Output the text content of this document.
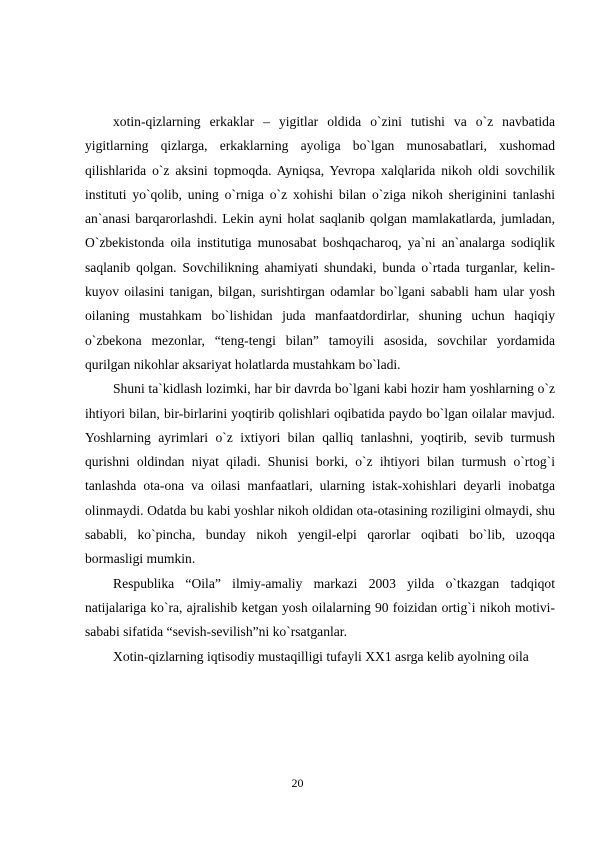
xotin-qizlarning erkaklar – yigitlar oldida o`zini tutishi va o`z navbatida yigitlarning qizlarga, erkaklarning ayoliga bo`lgan munosabatlari, xushomad qilishlarida o`z aksini topmoqda. Ayniqsa, Yevropa xalqlarida nikoh oldi sovchilik instituti yo`qolib, uning o`rniga o`z xohishi bilan o`ziga nikoh sheriginini tanlashi an`anasi barqarorlashdi. Lekin ayni holat saqlanib qolgan mamlakatlarda, jumladan, O`zbekistonda oila institutiga munosabat boshqacharoq, ya`ni an`analarga sodiqlik saqlanib qolgan. Sovchilikning ahamiyati shundaki, bunda o`rtada turganlar, kelin-kuyov oilasini tanigan, bilgan, surishtirgan odamlar bo`lgani sababli ham ular yosh oilaning mustahkam bo`lishidan juda manfaatdordirlar, shuning uchun haqiqiy o`zbekona mezonlar, “teng-tengi bilan” tamoyili asosida, sovchilar yordamida qurilgan nikohlar aksariyat holatlarda mustahkam bo`ladi.

Shuni ta`kidlash lozimki, har bir davrda bo`lgani kabi hozir ham yoshlarning o`z ihtiyori bilan, bir-birlarini yoqtirib qolishlari oqibatida paydo bo`lgan oilalar mavjud. Yoshlarning ayrimlari o`z ixtiyori bilan qalliq tanlashni, yoqtirib, sevib turmush qurishni oldindan niyat qiladi. Shunisi borki, o`z ihtiyori bilan turmush o`rtog`i tanlashda ota-ona va oilasi manfaatlari, ularning istak-xohishlari deyarli inobatga olinmaydi. Odatda bu kabi yoshlar nikoh oldidan ota-otasining roziligini olmaydi, shu sababli, ko`pincha, bunday nikoh yengil-elpi qarorlar oqibati bo`lib, uzoqqa bormasligi mumkin.

Respublika “Oila” ilmiy-amaliy markazi 2003 yilda o`tkazgan tadqiqot natijalariga ko`ra, ajralishib ketgan yosh oilalarning 90 foizidan ortig`i nikoh motivi-sababi sifatida “sevish-sevilish”ni ko`rsatganlar.

Xotin-qizlarning iqtisodiy mustaqilligi tufayli XX1 asrga kelib ayolning oila

20
